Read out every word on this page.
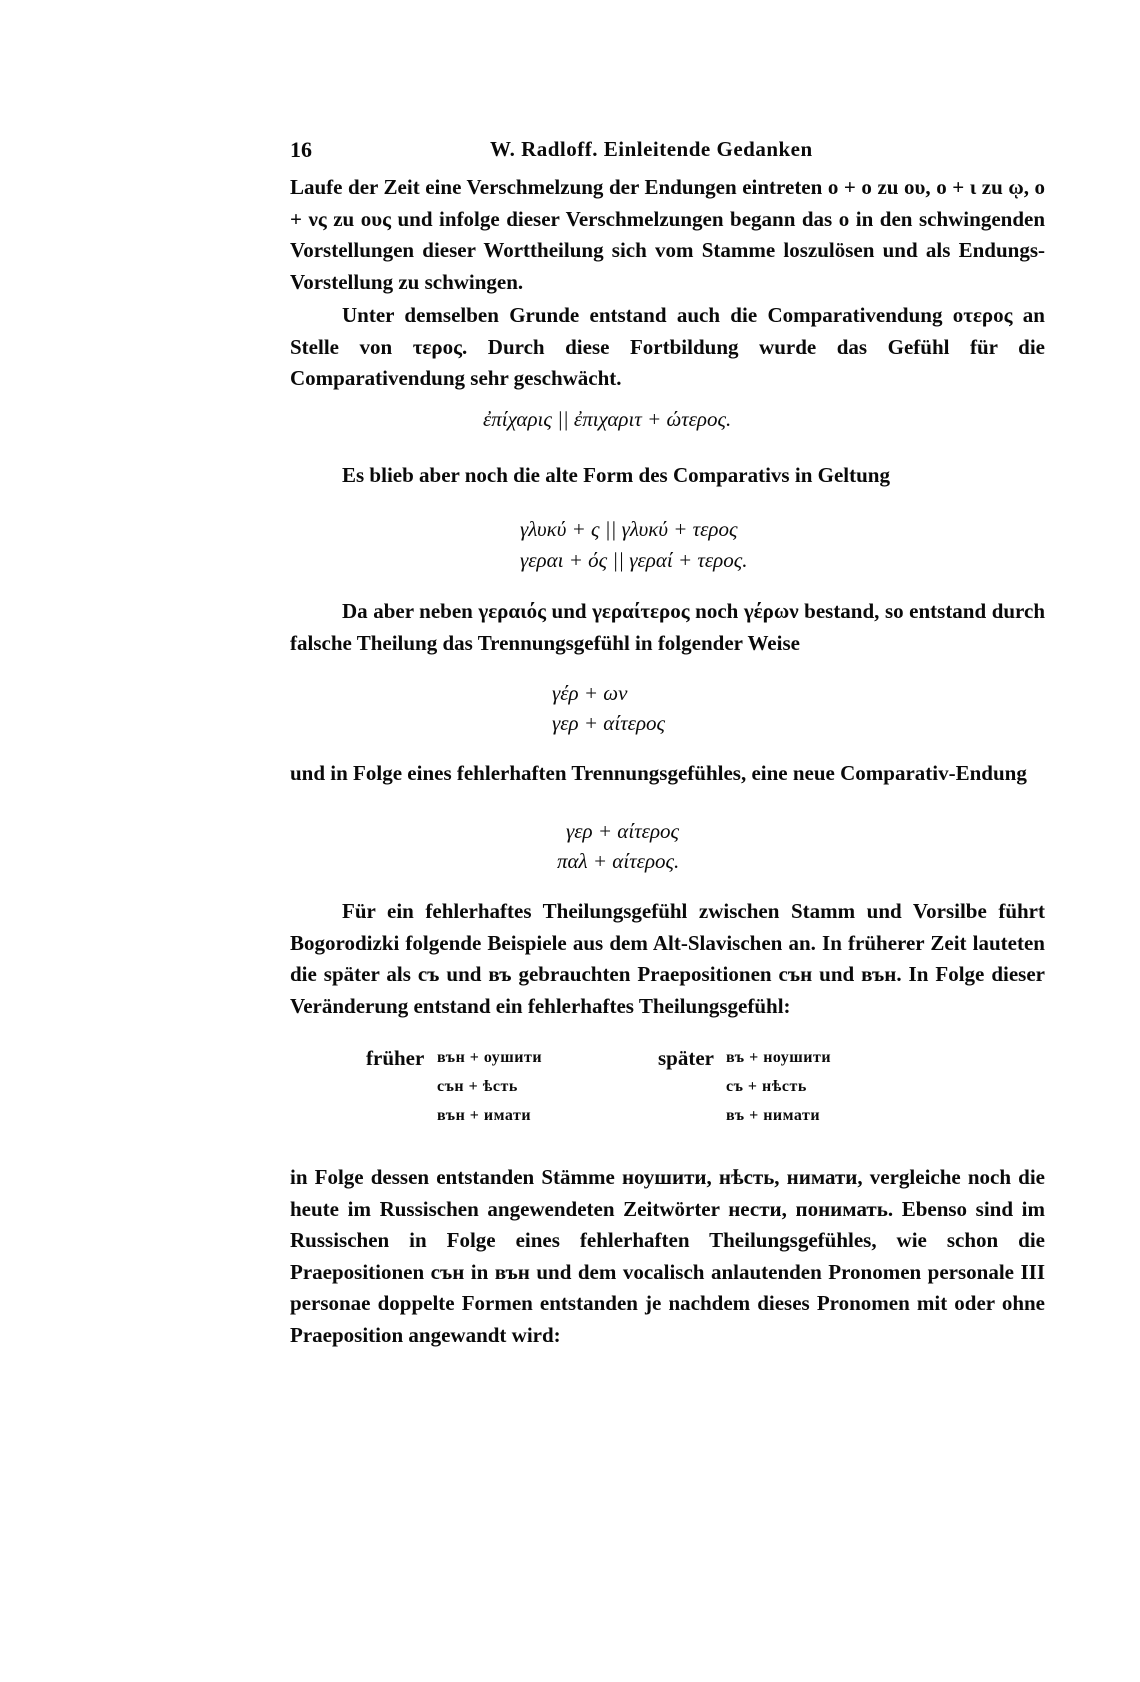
16	W. Radloff. Einleitende Gedanken

Laufe der Zeit eine Verschmelzung der Endungen eintreten ο + ο zu ου, ο + ι zu ῳ, ο + νς zu ους und infolge dieser Verschmelzungen begann das ο in den schwingenden Vorstellungen dieser Worttheilung sich vom Stamme loszulösen und als Endungs-Vorstellung zu schwingen.

Unter demselben Grunde entstand auch die Comparativendung οτερος an Stelle von τερος. Durch diese Fortbildung wurde das Gefühl für die Comparativendung sehr geschwächt.

ἐπίχαρις || ἐπιχαριτ + ώτερος.

Es blieb aber noch die alte Form des Comparativs in Geltung

γλυκύ + ς || γλυκύ + τερος
γεραι + ός || γεραί + τερος.

Da aber neben γεραιός und γεραίτερος noch γέρων bestand, so entstand durch falsche Theilung das Trennungsgefühl in folgender Weise

γέρ + ων
γερ + αίτερος

und in Folge eines fehlerhaften Trennungsgefühles, eine neue Comparativ-Endung

γερ + αίτερος
παλ + αίτερος.

Für ein fehlerhaftes Theilungsgefühl zwischen Stamm und Vorsilbe führt Bogorodizki folgende Beispiele aus dem Alt-Slavischen an. In früherer Zeit lauteten die später als съ und въ gebrauchten Praepositionen сън und вън. In Folge dieser Veränderung entstand ein fehlerhaftes Theilungsgefühl:

früher вън + оушити
сън + ѣсть
вън + имати
später въ + ноушити
съ + нѣсть
въ + нимати

in Folge dessen entstanden Stämme ноушити, нѣсть, нимати, vergleiche noch die heute im Russischen angewendeten Zeitwörter нести, понимать. Ebenso sind im Russischen in Folge eines fehlerhaften Theilungsgefühles, wie schon die Praepositionen сън in вън und dem vocalisch anlautenden Pronomen personale III personae doppelte Formen entstanden je nachdem dieses Pronomen mit oder ohne Praeposition angewandt wird:
